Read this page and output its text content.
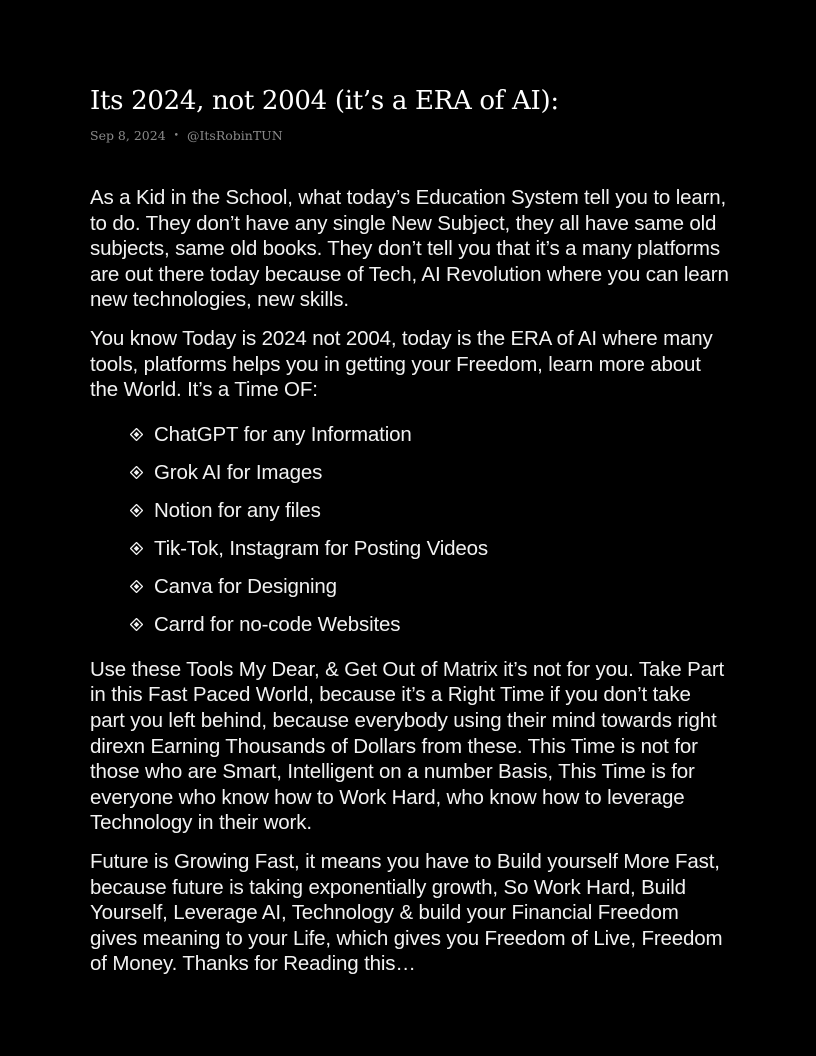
Its 2024, not 2004 (it’s a ERA of AI):
Sep 8, 2024 • @ItsRobinTUN

As a Kid in the School, what today’s Education System tell you to learn, to do. They don’t have any single New Subject, they all have same old subjects, same old books. They don’t tell you that it’s a many platforms are out there today because of Tech, AI Revolution where you can learn new technologies, new skills.

You know Today is 2024 not 2004, today is the ERA of AI where many tools, platforms helps you in getting your Freedom, learn more about the World. It’s a Time OF:

ChatGPT for any Information
Grok AI for Images
Notion for any files
Tik-Tok, Instagram for Posting Videos
Canva for Designing
Carrd for no-code Websites

Use these Tools My Dear, & Get Out of Matrix it’s not for you. Take Part in this Fast Paced World, because it’s a Right Time if you don’t take part you left behind, because everybody using their mind towards right direxn Earning Thousands of Dollars from these. This Time is not for those who are Smart, Intelligent on a number Basis, This Time is for everyone who know how to Work Hard, who know how to leverage Technology in their work.

Future is Growing Fast, it means you have to Build yourself More Fast, because future is taking exponentially growth, So Work Hard, Build Yourself, Leverage AI, Technology & build your Financial Freedom gives meaning to your Life, which gives you Freedom of Live, Freedom of Money. Thanks for Reading this…
